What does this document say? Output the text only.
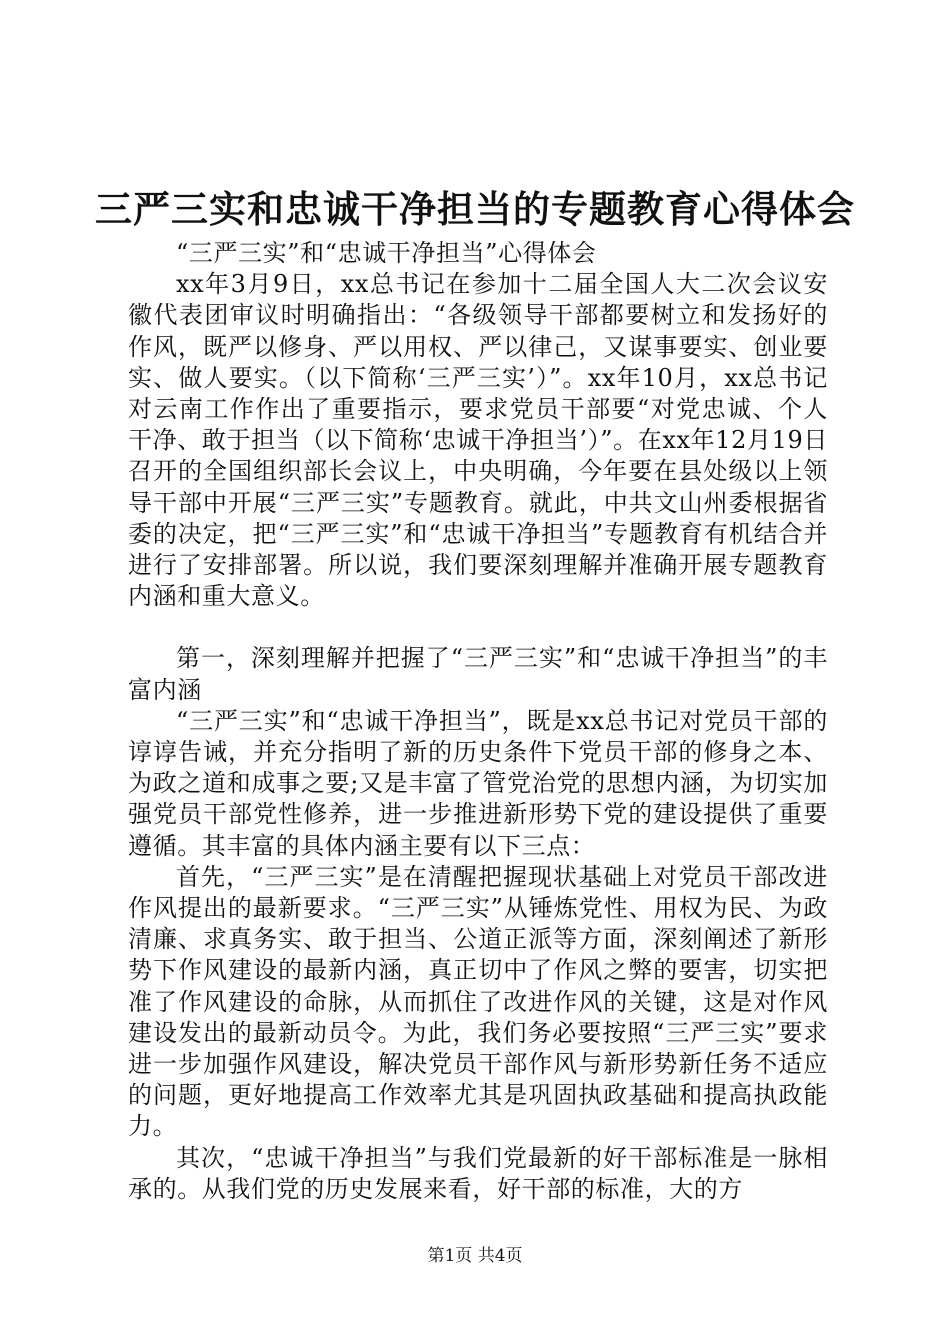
三严三实和忠诚干净担当的专题教育心得体会

“三严三实”和“忠诚干净担当”心得体会

xx年3月9日，xx总书记在参加十二届全国人大二次会议安徽代表团审议时明确指出：“各级领导干部都要树立和发扬好的作风，既严以修身、严以用权、严以律己，又谋事要实、创业要实、做人要实。（以下简称‘三严三实’）”。xx年10月，xx总书记对云南工作作出了重要指示，要求党员干部要“对党忠诚、个人干净、敢于担当（以下简称‘忠诚干净担当’）”。在xx年12月19日召开的全国组织部长会议上，中央明确，今年要在县处级以上领导干部中开展“三严三实”专题教育。就此，中共文山州委根据省委的决定，把“三严三实”和“忠诚干净担当”专题教育有机结合并进行了安排部署。所以说，我们要深刻理解并准确开展专题教育内涵和重大意义。

第一，深刻理解并把握了“三严三实”和“忠诚干净担当”的丰富内涵

“三严三实”和“忠诚干净担当”，既是xx总书记对党员干部的谆谆告诫，并充分指明了新的历史条件下党员干部的修身之本、为政之道和成事之要;又是丰富了管党治党的思想内涵，为切实加强党员干部党性修养，进一步推进新形势下党的建设提供了重要遵循。其丰富的具体内涵主要有以下三点：

首先，“三严三实”是在清醒把握现状基础上对党员干部改进作风提出的最新要求。“三严三实”从锤炼党性、用权为民、为政清廉、求真务实、敢于担当、公道正派等方面，深刻阐述了新形势下作风建设的最新内涵，真正切中了作风之弊的要害，切实把准了作风建设的命脉，从而抓住了改进作风的关键，这是对作风建设发出的最新动员令。为此，我们务必要按照“三严三实”要求进一步加强作风建设，解决党员干部作风与新形势新任务不适应的问题，更好地提高工作效率尤其是巩固执政基础和提高执政能力。

其次，“忠诚干净担当”与我们党最新的好干部标准是一脉相承的。从我们党的历史发展来看，好干部的标准，大的方

第1页 共4页
